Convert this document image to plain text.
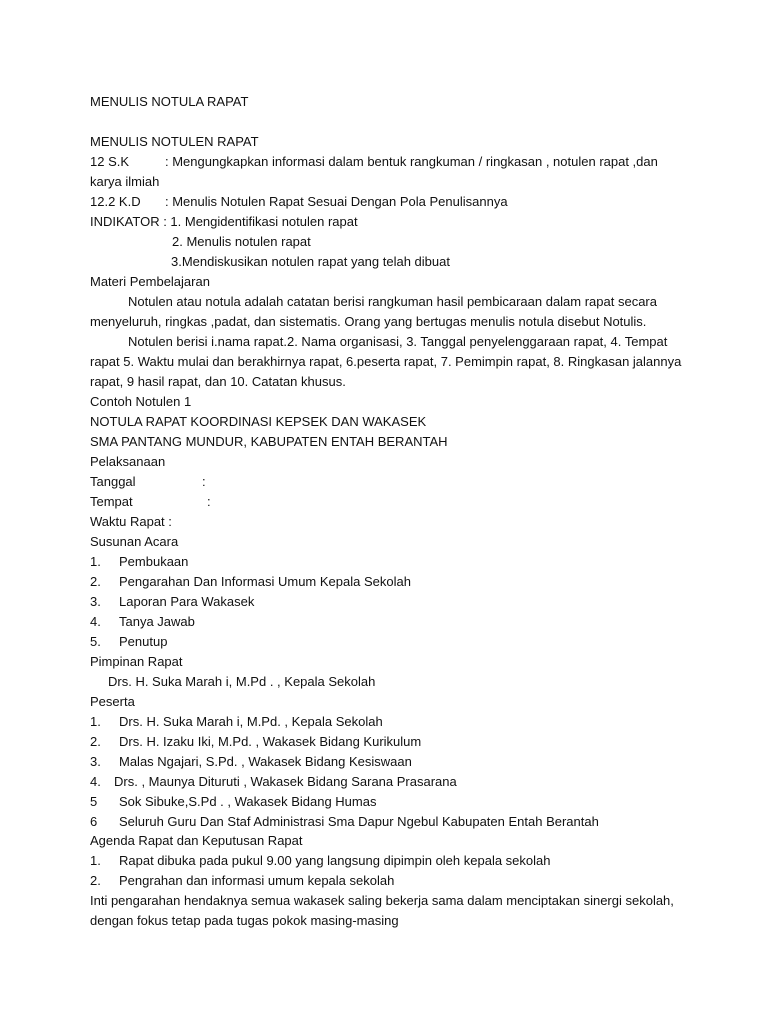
MENULIS NOTULA RAPAT
MENULIS NOTULEN RAPAT
12 S.K	: Mengungkapkan informasi dalam bentuk rangkuman / ringkasan , notulen rapat ,dan
karya ilmiah
12.2 K.D : Menulis Notulen Rapat Sesuai Dengan Pola Penulisannya
INDIKATOR : 1. Mengidentifikasi notulen rapat
2. Menulis notulen rapat
3.Mendiskusikan notulen rapat yang telah dibuat
Materi Pembelajaran
Notulen atau notula adalah catatan berisi rangkuman hasil pembicaraan dalam rapat secara
menyeluruh, ringkas ,padat, dan sistematis. Orang yang bertugas menulis notula disebut Notulis.
Notulen berisi i.nama rapat.2. Nama organisasi, 3. Tanggal penyelenggaraan rapat, 4. Tempat
rapat 5. Waktu mulai dan berakhirnya rapat, 6.peserta rapat, 7. Pemimpin rapat, 8. Ringkasan jalannya
rapat, 9 hasil rapat, dan 10. Catatan khusus.
Contoh Notulen 1
NOTULA RAPAT KOORDINASI KEPSEK DAN WAKASEK
SMA PANTANG MUNDUR, KABUPATEN ENTAH BERANTAH
Pelaksanaan
Tanggal	:
Tempat	:
Waktu Rapat :
Susunan Acara
1. Pembukaan
2. Pengarahan Dan Informasi Umum Kepala Sekolah
3. Laporan Para Wakasek
4. Tanya Jawab
5. Penutup
Pimpinan Rapat
Drs. H. Suka Marah i, M.Pd . , Kepala Sekolah
Peserta
1. Drs. H. Suka Marah i, M.Pd. , Kepala Sekolah
2. Drs. H. Izaku Iki, M.Pd. , Wakasek Bidang Kurikulum
3. Malas Ngajari, S.Pd. , Wakasek Bidang Kesiswaan
4. Drs. , Maunya Dituruti , Wakasek Bidang Sarana Prasarana
5 Sok Sibuke,S.Pd . , Wakasek Bidang Humas
6 Seluruh Guru Dan Staf Administrasi Sma Dapur Ngebul Kabupaten Entah Berantah
Agenda Rapat dan Keputusan Rapat
1. Rapat dibuka pada pukul 9.00 yang langsung dipimpin oleh kepala sekolah
2. Pengrahan dan informasi umum kepala sekolah
Inti pengarahan hendaknya semua wakasek saling bekerja sama dalam menciptakan sinergi sekolah,
dengan fokus tetap pada tugas pokok masing-masing
